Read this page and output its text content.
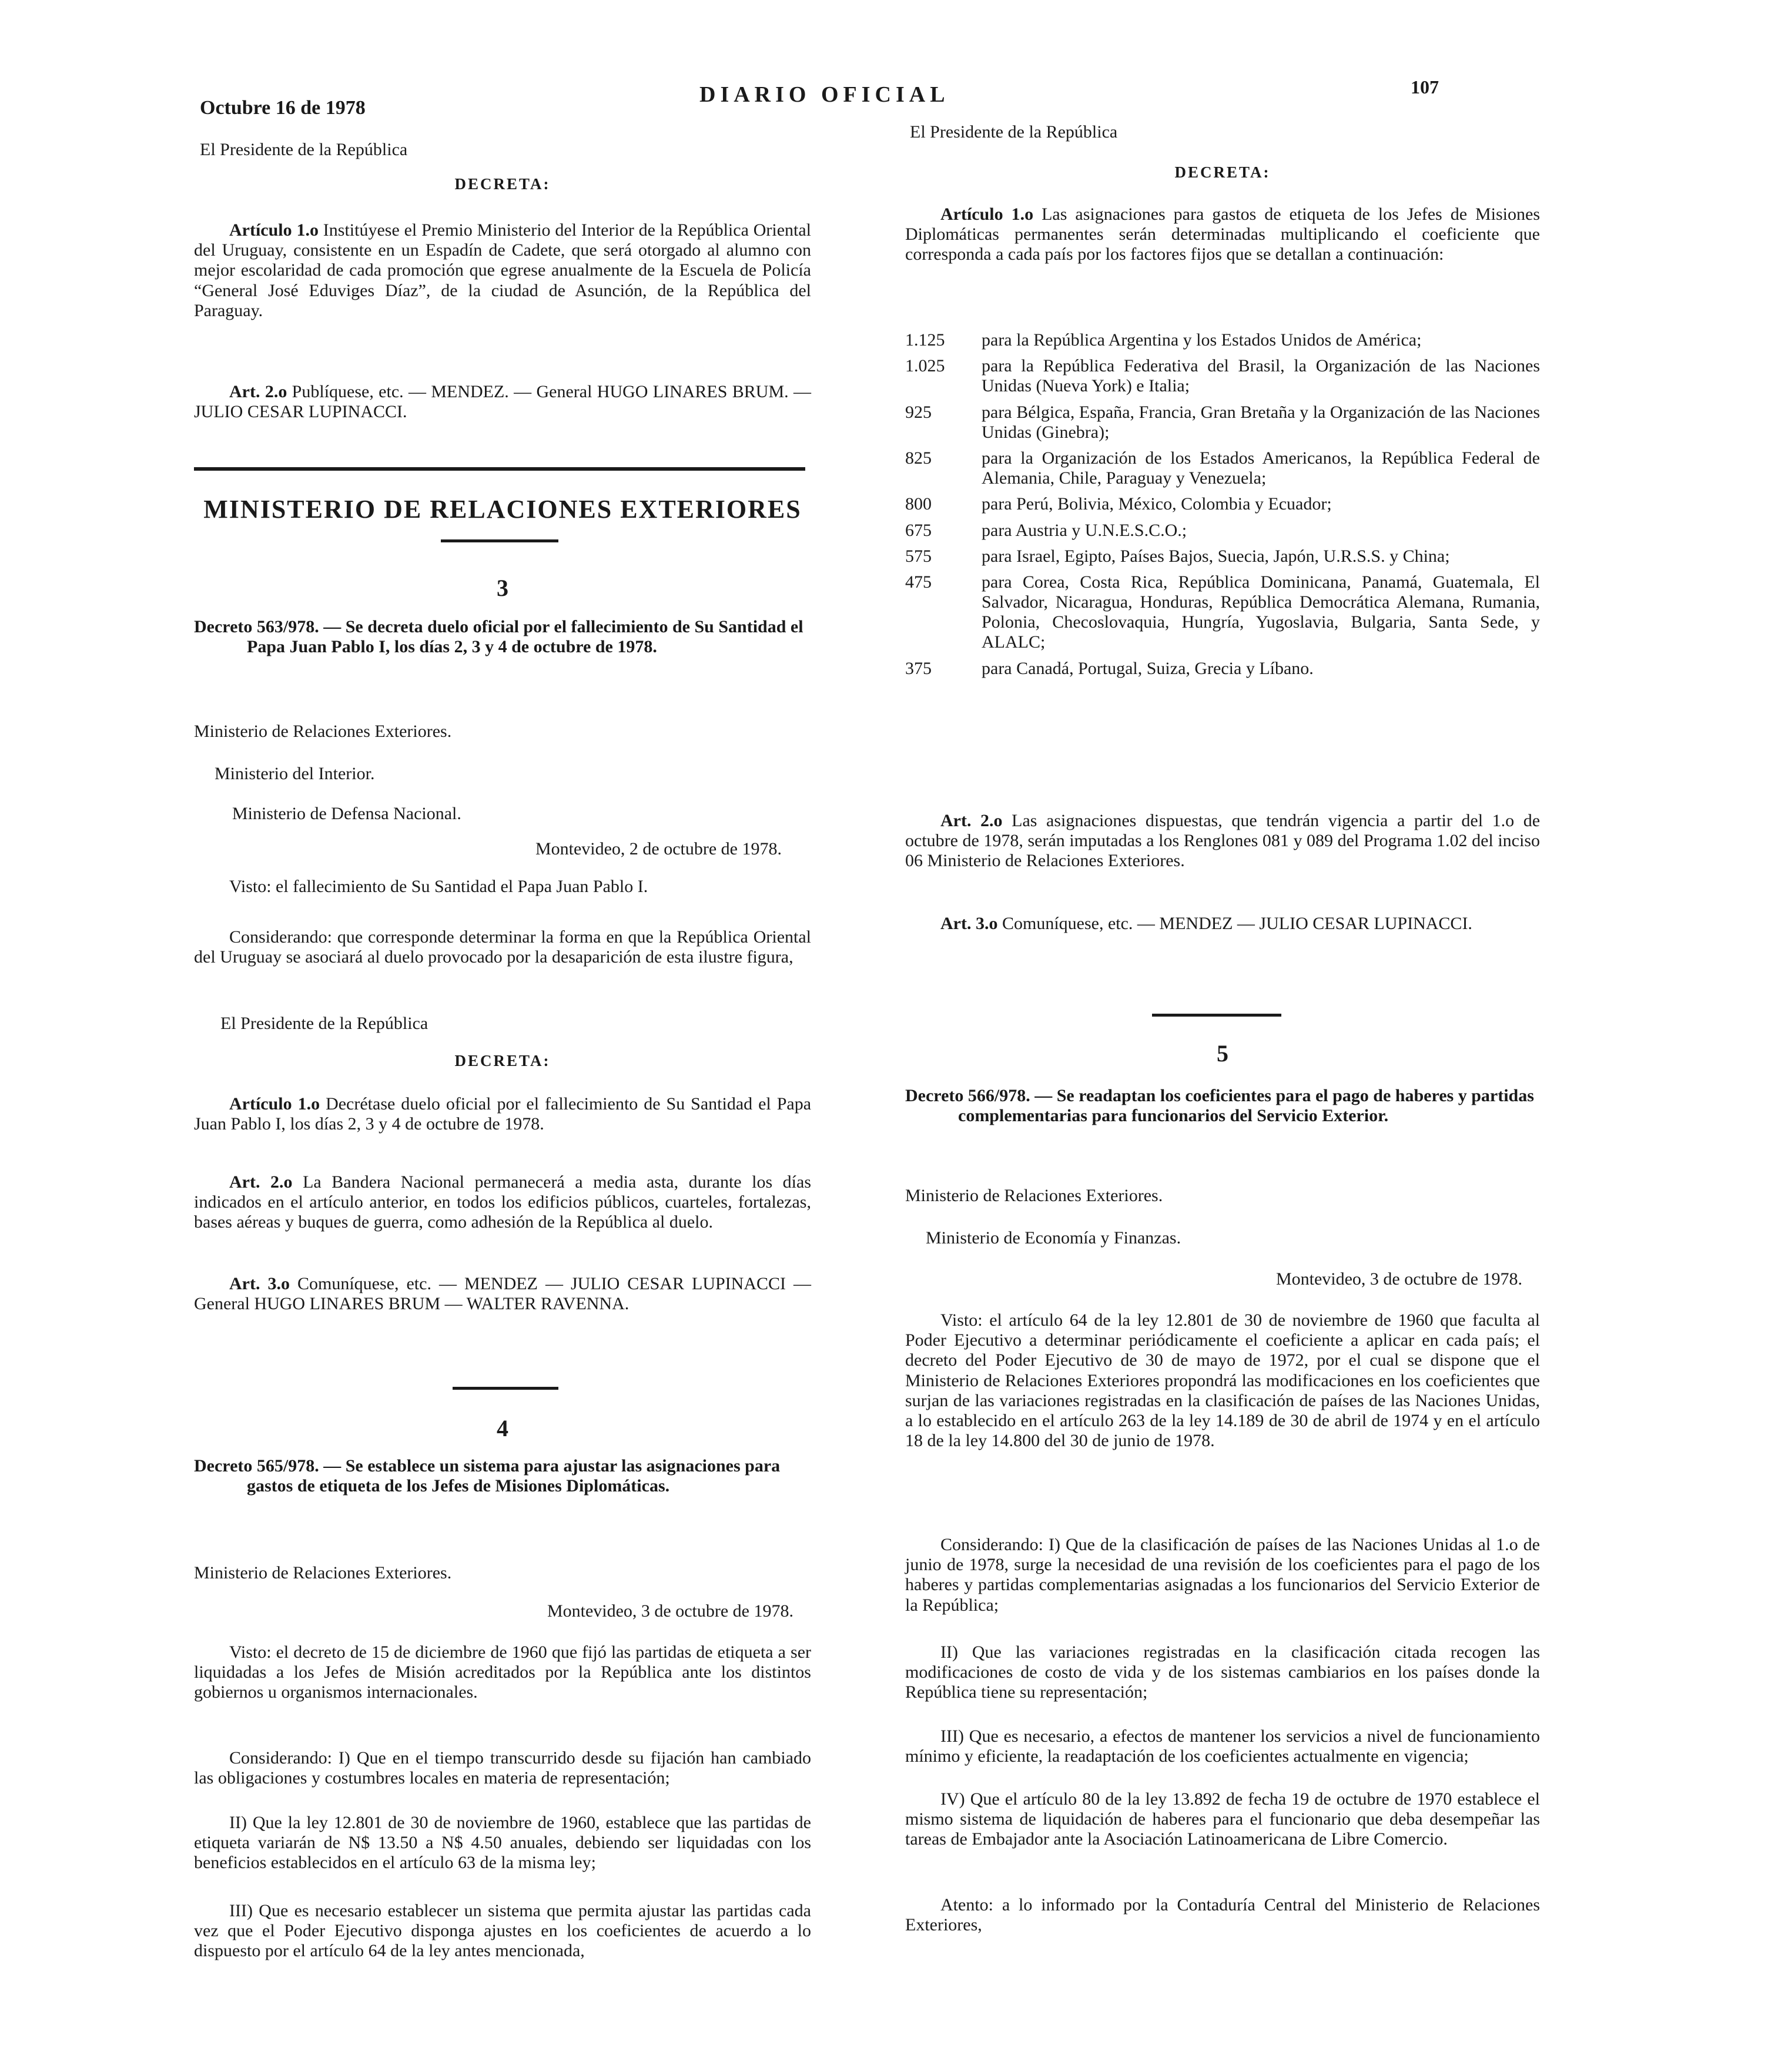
Octubre 16 de 1978
DIARIO OFICIAL	107

El Presidente de la República

DECRETA:

Artículo 1.o Institúyese el Premio Ministerio del Interior de la República Oriental del Uruguay, consistente en un Espadín de Cadete, que será otorgado al alumno con mejor escolaridad de cada promoción que egrese anualmente de la Escuela de Policía “General José Eduviges Díaz”, de la ciudad de Asunción, de la República del Paraguay.

Art. 2.o Publíquese, etc. — MENDEZ. — General HUGO LINARES BRUM. — JULIO CESAR LUPINACCI.

MINISTERIO DE RELACIONES EXTERIORES

3

Decreto 563/978. — Se decreta duelo oficial por el fallecimiento de Su Santidad el Papa Juan Pablo I, los días 2, 3 y 4 de octubre de 1978.

Ministerio de Relaciones Exteriores.

Ministerio del Interior.

Ministerio de Defensa Nacional.

Montevideo, 2 de octubre de 1978.

Visto: el fallecimiento de Su Santidad el Papa Juan Pablo I.

Considerando: que corresponde determinar la forma en que la República Oriental del Uruguay se asociará al duelo provocado por la desaparición de esta ilustre figura,

El Presidente de la República

DECRETA:

Artículo 1.o Decrétase duelo oficial por el fallecimiento de Su Santidad el Papa Juan Pablo I, los días 2, 3 y 4 de octubre de 1978.

Art. 2.o La Bandera Nacional permanecerá a media asta, durante los días indicados en el artículo anterior, en todos los edificios públicos, cuarteles, fortalezas, bases aéreas y buques de guerra, como adhesión de la República al duelo.

Art. 3.o Comuníquese, etc. — MENDEZ — JULIO CESAR LUPINACCI — General HUGO LINARES BRUM — WALTER RAVENNA.

4

Decreto 565/978. — Se establece un sistema para ajustar las asignaciones para gastos de etiqueta de los Jefes de Misiones Diplomáticas.

Ministerio de Relaciones Exteriores.

Montevideo, 3 de octubre de 1978.

Visto: el decreto de 15 de diciembre de 1960 que fijó las partidas de etiqueta a ser liquidadas a los Jefes de Misión acreditados por la República ante los distintos gobiernos u organismos internacionales.

Considerando: I) Que en el tiempo transcurrido desde su fijación han cambiado las obligaciones y costumbres locales en materia de representación;

II) Que la ley 12.801 de 30 de noviembre de 1960, establece que las partidas de etiqueta variarán de N$ 13.50 a N$ 4.50 anuales, debiendo ser liquidadas con los beneficios establecidos en el artículo 63 de la misma ley;

III) Que es necesario establecer un sistema que permita ajustar las partidas cada vez que el Poder Ejecutivo disponga ajustes en los coeficientes de acuerdo a lo dispuesto por el artículo 64 de la ley antes mencionada,

El Presidente de la República

DECRETA:

Artículo 1.o Las asignaciones para gastos de etiqueta de los Jefes de Misiones Diplomáticas permanentes serán determinadas multiplicando el coeficiente que corresponda a cada país por los factores fijos que se detallan a continuación:

1.125	para la República Argentina y los Estados Unidos de América;
1.025	para la República Federativa del Brasil, la Organización de las Naciones Unidas (Nueva York) e Italia;
925	para Bélgica, España, Francia, Gran Bretaña y la Organización de las Naciones Unidas (Ginebra);
825	para la Organización de los Estados Americanos, la República Federal de Alemania, Chile, Paraguay y Venezuela;
800	para Perú, Bolivia, México, Colombia y Ecuador;
675	para Austria y U.N.E.S.C.O.;
575	para Israel, Egipto, Países Bajos, Suecia, Japón, U.R.S.S. y China;
475	para Corea, Costa Rica, República Dominicana, Panamá, Guatemala, El Salvador, Nicaragua, Honduras, República Democrática Alemana, Rumania, Polonia, Checoslovaquia, Hungría, Yugoslavia, Bulgaria, Santa Sede, y ALALC;
375	para Canadá, Portugal, Suiza, Grecia y Líbano.

Art. 2.o Las asignaciones dispuestas, que tendrán vigencia a partir del 1.o de octubre de 1978, serán imputadas a los Renglones 081 y 089 del Programa 1.02 del inciso 06 Ministerio de Relaciones Exteriores.

Art. 3.o Comuníquese, etc. — MENDEZ — JULIO CESAR LUPINACCI.

5

Decreto 566/978. — Se readaptan los coeficientes para el pago de haberes y partidas complementarias para funcionarios del Servicio Exterior.

Ministerio de Relaciones Exteriores.

Ministerio de Economía y Finanzas.

Montevideo, 3 de octubre de 1978.

Visto: el artículo 64 de la ley 12.801 de 30 de noviembre de 1960 que faculta al Poder Ejecutivo a determinar periódicamente el coeficiente a aplicar en cada país; el decreto del Poder Ejecutivo de 30 de mayo de 1972, por el cual se dispone que el Ministerio de Relaciones Exteriores propondrá las modificaciones en los coeficientes que surjan de las variaciones registradas en la clasificación de países de las Naciones Unidas, a lo establecido en el artículo 263 de la ley 14.189 de 30 de abril de 1974 y en el artículo 18 de la ley 14.800 del 30 de junio de 1978.

Considerando: I) Que de la clasificación de países de las Naciones Unidas al 1.o de junio de 1978, surge la necesidad de una revisión de los coeficientes para el pago de los haberes y partidas complementarias asignadas a los funcionarios del Servicio Exterior de la República;

II) Que las variaciones registradas en la clasificación citada recogen las modificaciones de costo de vida y de los sistemas cambiarios en los países donde la República tiene su representación;

III) Que es necesario, a efectos de mantener los servicios a nivel de funcionamiento mínimo y eficiente, la readaptación de los coeficientes actualmente en vigencia;

IV) Que el artículo 80 de la ley 13.892 de fecha 19 de octubre de 1970 establece el mismo sistema de liquidación de haberes para el funcionario que deba desempeñar las tareas de Embajador ante la Asociación Latinoamericana de Libre Comercio.

Atento: a lo informado por la Contaduría Central del Ministerio de Relaciones Exteriores,
